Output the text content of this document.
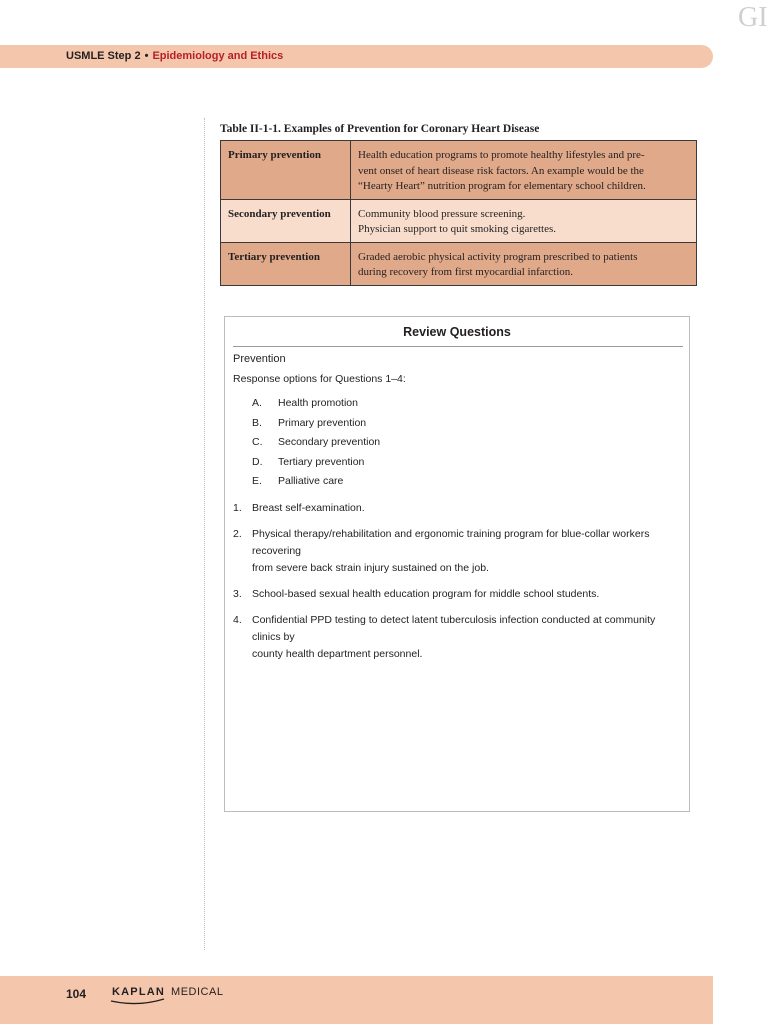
GI
USMLE Step 2 • Epidemiology and Ethics
Table II-1-1. Examples of Prevention for Coronary Heart Disease
Primary prevention	Health education programs to promote healthy lifestyles and pre-
vent onset of heart disease risk factors. An example would be the
“Hearty Heart” nutrition program for elementary school children.

Secondary prevention	Community blood pressure screening.
Physician support to quit smoking cigarettes.

Tertiary prevention	Graded aerobic physical activity program prescribed to patients
during recovery from first myocardial infarction.
Review Questions
Prevention
Response options for Questions 1–4:
A.	Health promotion
B.	Primary prevention
C.	Secondary prevention
D.	Tertiary prevention
E.	Palliative care
1. Breast self-examination.
2. Physical therapy/rehabilitation and ergonomic training program for blue-collar workers recovering
from severe back strain injury sustained on the job.
3. School-based sexual health education program for middle school students.
4. Confidential PPD testing to detect latent tuberculosis infection conducted at community clinics by
county health department personnel.
104 KAPLAN MEDICAL
